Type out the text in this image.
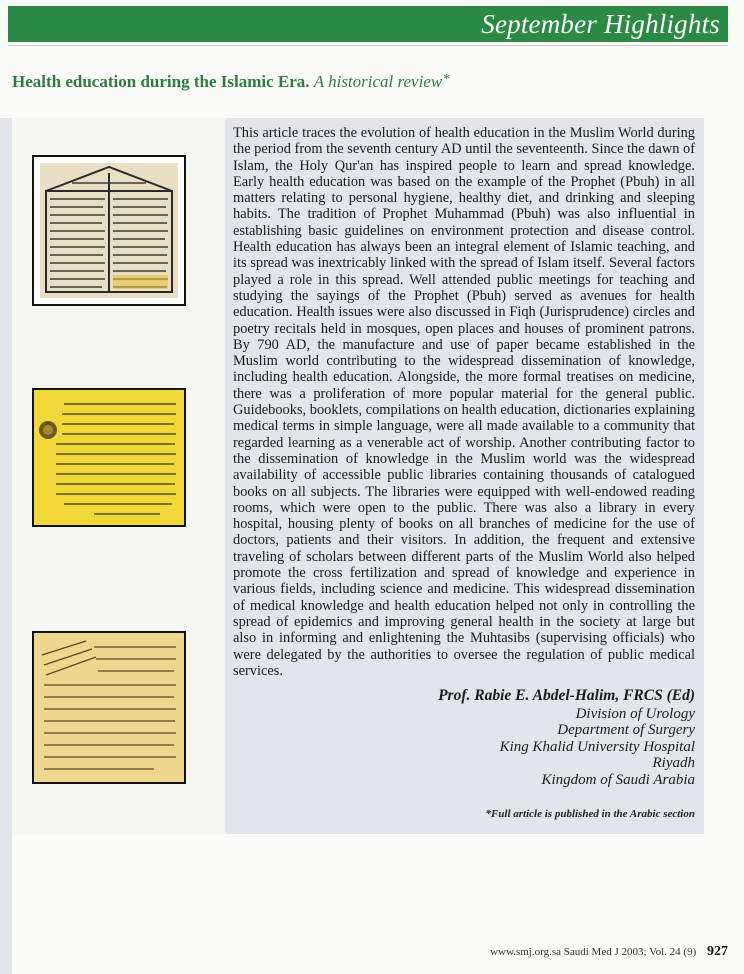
September Highlights
Health education during the Islamic Era. A historical review*
This article traces the evolution of health education in the Muslim World during the period from the seventh century AD until the seventeenth. Since the dawn of Islam, the Holy Qur'an has inspired people to learn and spread knowledge. Early health education was based on the example of the Prophet (Pbuh) in all matters relating to personal hygiene, healthy diet, and drinking and sleeping habits. The tradition of Prophet Muhammad (Pbuh) was also influential in establishing basic guidelines on environment protection and disease control. Health education has always been an integral element of Islamic teaching, and its spread was inextricably linked with the spread of Islam itself. Several factors played a role in this spread. Well attended public meetings for teaching and studying the sayings of the Prophet (Pbuh) served as avenues for health education. Health issues were also discussed in Fiqh (Jurisprudence) circles and poetry recitals held in mosques, open places and houses of prominent patrons. By 790 AD, the manufacture and use of paper became established in the Muslim world contributing to the widespread dissemination of knowledge, including health education. Alongside, the more formal treatises on medicine, there was a proliferation of more popular material for the general public. Guidebooks, booklets, compilations on health education, dictionaries explaining medical terms in simple language, were all made available to a community that regarded learning as a venerable act of worship. Another contributing factor to the dissemination of knowledge in the Muslim world was the widespread availability of accessible public libraries containing thousands of catalogued books on all subjects. The libraries were equipped with well-endowed reading rooms, which were open to the public. There was also a library in every hospital, housing plenty of books on all branches of medicine for the use of doctors, patients and their visitors. In addition, the frequent and extensive traveling of scholars between different parts of the Muslim World also helped promote the cross fertilization and spread of knowledge and experience in various fields, including science and medicine. This widespread dissemination of medical knowledge and health education helped not only in controlling the spread of epidemics and improving general health in the society at large but also in informing and enlightening the Muhtasibs (supervising officials) who were delegated by the authorities to oversee the regulation of public medical services.
Prof. Rabie E. Abdel-Halim, FRCS (Ed)
Division of Urology
Department of Surgery
King Khalid University Hospital
Riyadh
Kingdom of Saudi Arabia
*Full article is published in the Arabic section
www.smj.org.sa Saudi Med J 2003; Vol. 24 (9) 927
